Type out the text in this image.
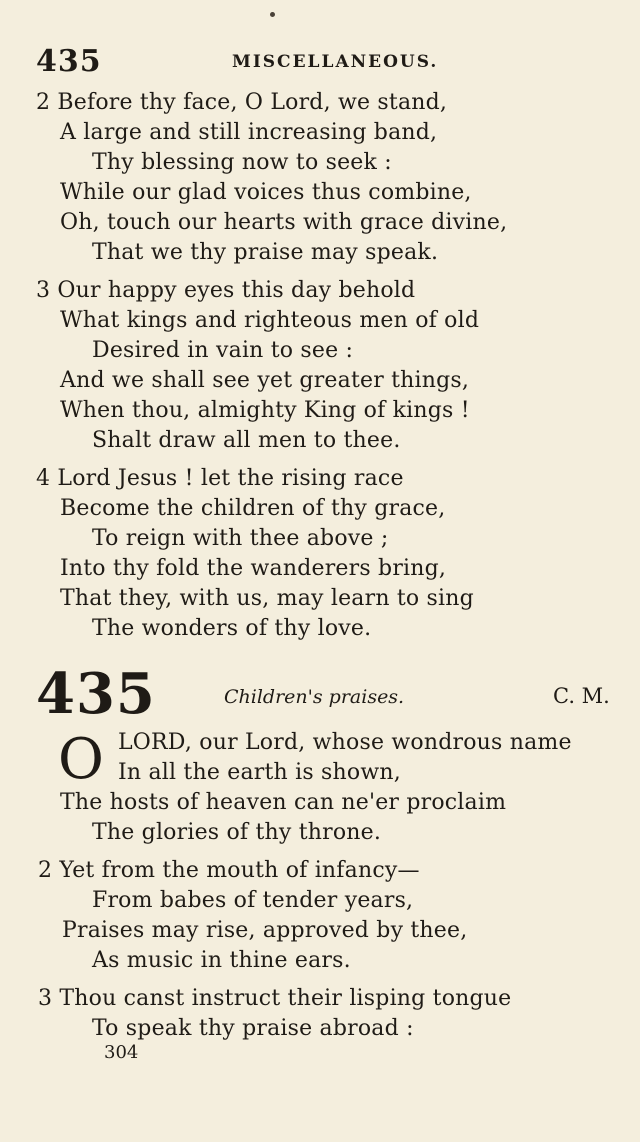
435	MISCELLANEOUS.
2 Before thy face, O Lord, we stand,
A large and still increasing band,
Thy blessing now to seek :
While our glad voices thus combine,
Oh, touch our hearts with grace divine,
That we thy praise may speak.
3 Our happy eyes this day behold
What kings and righteous men of old
Desired in vain to see :
And we shall see yet greater things,
When thou, almighty King of kings !
Shalt draw all men to thee.
4 Lord Jesus ! let the rising race
Become the children of thy grace,
To reign with thee above ;
Into thy fold the wanderers bring,
That they, with us, may learn to sing
The wonders of thy love.
435	Children's praises.	C. M.
O LORD, our Lord, whose wondrous name
In all the earth is shown,
The hosts of heaven can ne'er proclaim
The glories of thy throne.
2 Yet from the mouth of infancy—
From babes of tender years,
Praises may rise, approved by thee,
As music in thine ears.
3 Thou canst instruct their lisping tongue
To speak thy praise abroad :
304
